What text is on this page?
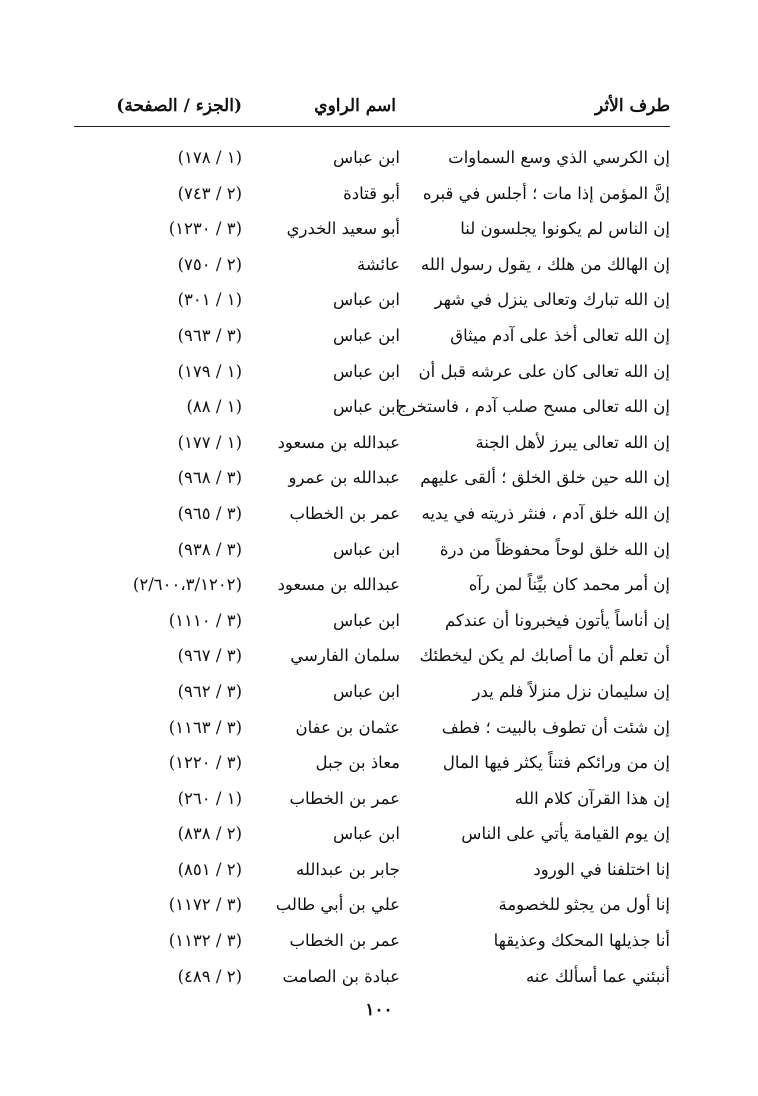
طرف الأثر
اسم الراوي
(الجزء / الصفحة)
إن الكرسي الذي وسع السماوات
ابن عباس
(١ / ١٧٨)
إنَّ المؤمن إذا مات ؛ أجلس في قبره
أبو قتادة
(٢ / ٧٤٣)
إن الناس لم يكونوا يجلسون لنا
أبو سعيد الخدري
(٣ / ١٢٣٠)
إن الهالك من هلك ، يقول رسول الله
عائشة
(٢ / ٧٥٠)
إن الله تبارك وتعالى ينزل في شهر
ابن عباس
(١ / ٣٠١)
إن الله تعالى أخذ على آدم ميثاق
ابن عباس
(٣ / ٩٦٣)
إن الله تعالى كان على عرشه قبل أن
ابن عباس
(١ / ١٧٩)
إن الله تعالى مسح صلب آدم ، فاستخرج
ابن عباس
(١ / ٨٨)
إن الله تعالى يبرز لأهل الجنة
عبدالله بن مسعود
(١ / ١٧٧)
إن الله حين خلق الخلق ؛ ألقى عليهم
عبدالله بن عمرو
(٣ / ٩٦٨)
إن الله خلق آدم ، فنثر ذريته في يديه
عمر بن الخطاب
(٣ / ٩٦٥)
إن الله خلق لوحاً محفوظاً من درة
ابن عباس
(٣ / ٩٣٨)
إن أمر محمد كان بيِّناً لمن رآه
عبدالله بن مسعود
(٢/٦٠٠،٣/١٢٠٢)
إن أناساً يأتون فيخبرونا أن عندكم
ابن عباس
(٣ / ١١١٠)
أن تعلم أن ما أصابك لم يكن ليخطئك
سلمان الفارسي
(٣ / ٩٦٧)
إن سليمان نزل منزلاً فلم يدر
ابن عباس
(٣ / ٩٦٢)
إن شئت أن تطوف بالبيت ؛ فطف
عثمان بن عفان
(٣ / ١١٦٣)
إن من ورائكم فتناً يكثر فيها المال
معاذ بن جبل
(٣ / ١٢٢٠)
إن هذا القرآن كلام الله
عمر بن الخطاب
(١ / ٢٦٠)
إن يوم القيامة يأتي على الناس
ابن عباس
(٢ / ٨٣٨)
إنا اختلفنا في الورود
جابر بن عبدالله
(٢ / ٨٥١)
إنا أول من يجثو للخصومة
علي بن أبي طالب
(٣ / ١١٧٢)
أنا جذيلها المحكك وعذيقها
عمر بن الخطاب
(٣ / ١١٣٢)
أنبئني عما أسألك عنه
عبادة بن الصامت
(٢ / ٤٨٩)
١٠٠
